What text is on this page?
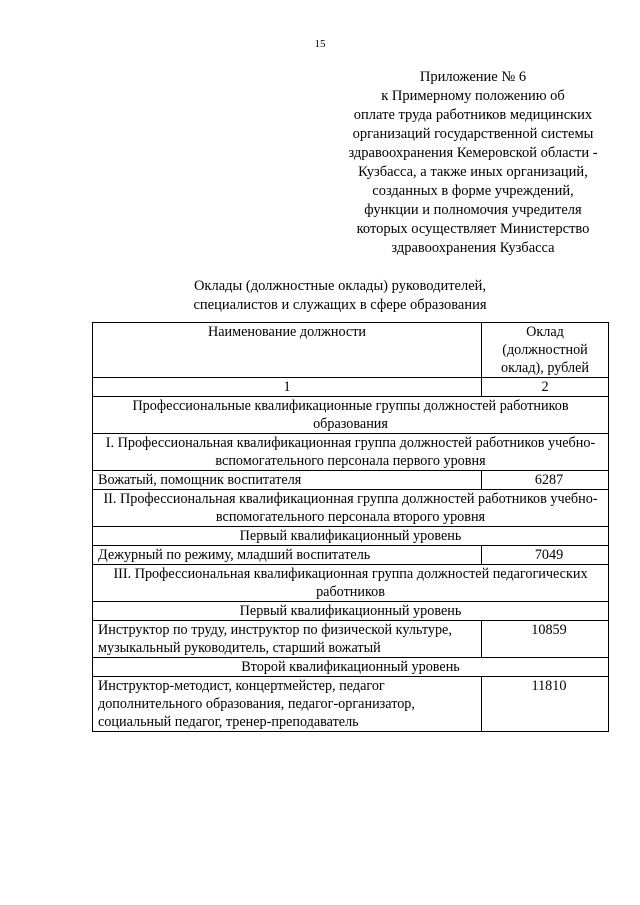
15
Приложение № 6
к Примерному положению об
оплате труда работников медицинских
организаций государственной системы
здравоохранения Кемеровской области -
Кузбасса, а также иных организаций,
созданных в форме учреждений,
функции и полномочия учредителя
которых осуществляет Министерство
здравоохранения Кузбасса
Оклады (должностные оклады) руководителей,
специалистов и служащих в сфере образования
Наименование должности	Оклад (должностной оклад), рублей
1	2
Профессиональные квалификационные группы должностей работников образования	
I. Профессиональная квалификационная группа должностей работников учебно-вспомогательного персонала первого уровня	
Вожатый, помощник воспитателя	6287
II. Профессиональная квалификационная группа должностей работников учебно-вспомогательного персонала второго уровня	
Первый квалификационный уровень	
Дежурный по режиму, младший воспитатель	7049
III. Профессиональная квалификационная группа должностей педагогических работников	
Первый квалификационный уровень	
Инструктор по труду, инструктор по физической культуре, музыкальный руководитель, старший вожатый	10859
Второй квалификационный уровень	
Инструктор-методист, концертмейстер, педагог дополнительного образования, педагог-организатор, социальный педагог, тренер-преподаватель	11810
